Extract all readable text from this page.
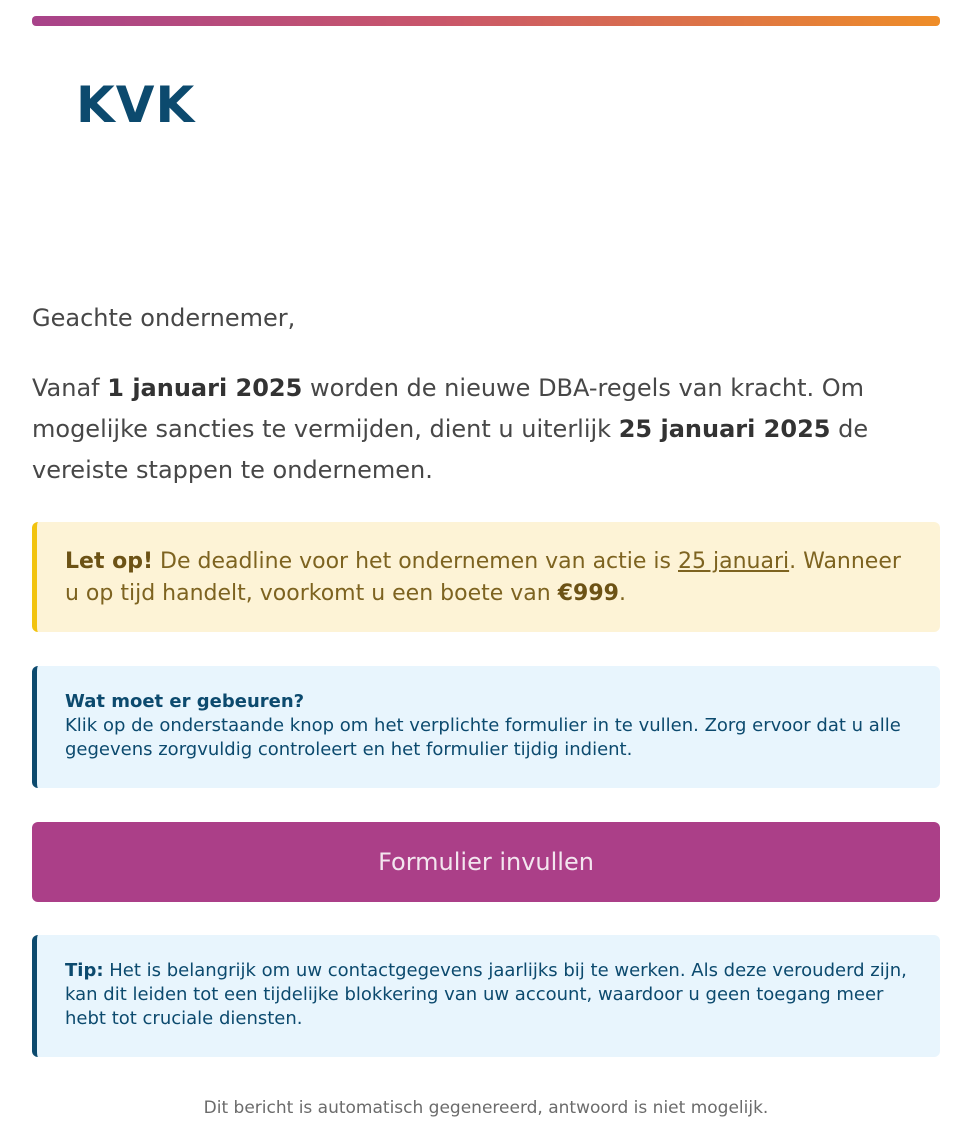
KVK

Geachte ondernemer,

Vanaf 1 januari 2025 worden de nieuwe DBA-regels van kracht. Om mogelijke sancties te vermijden, dient u uiterlijk 25 januari 2025 de vereiste stappen te ondernemen.

Let op! De deadline voor het ondernemen van actie is 25 januari. Wanneer u op tijd handelt, voorkomt u een boete van €999.
Wat moet er gebeuren?
Klik op de onderstaande knop om het verplichte formulier in te vullen. Zorg ervoor dat u alle gegevens zorgvuldig controleert en het formulier tijdig indient.
Formulier invullen
Tip: Het is belangrijk om uw contactgegevens jaarlijks bij te werken. Als deze verouderd zijn, kan dit leiden tot een tijdelijke blokkering van uw account, waardoor u geen toegang meer hebt tot cruciale diensten.

Dit bericht is automatisch gegenereerd, antwoord is niet mogelijk.
